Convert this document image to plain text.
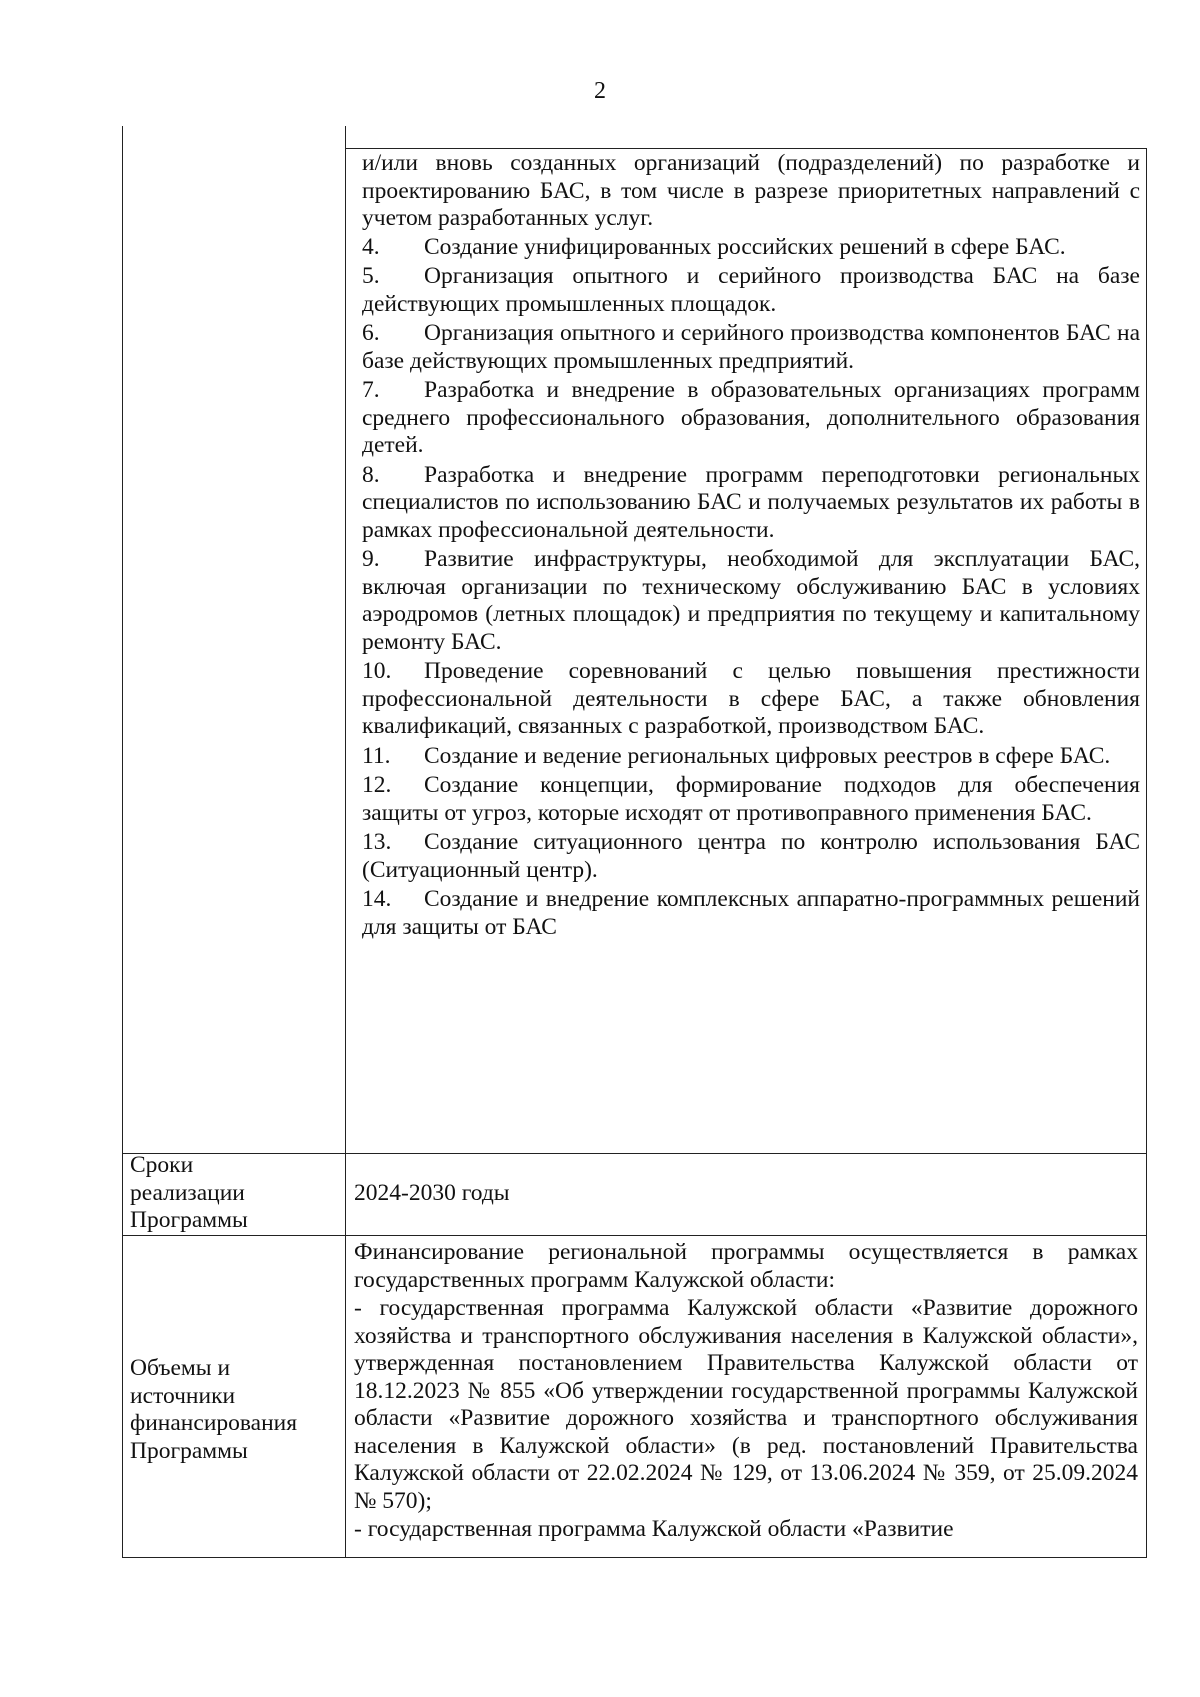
2
и/или вновь созданных организаций (подразделений) по разработке и проектированию БАС, в том числе в разрезе приоритетных направлений с учетом разработанных услуг.
4. Создание унифицированных российских решений в сфере БАС.
5. Организация опытного и серийного производства БАС на базе действующих промышленных площадок.
6. Организация опытного и серийного производства компонентов БАС на базе действующих промышленных предприятий.
7. Разработка и внедрение в образовательных организациях программ среднего профессионального образования, дополнительного образования детей.
8. Разработка и внедрение программ переподготовки региональных специалистов по использованию БАС и получаемых результатов их работы в рамках профессиональной деятельности.
9. Развитие инфраструктуры, необходимой для эксплуатации БАС, включая организации по техническому обслуживанию БАС в условиях аэродромов (летных площадок) и предприятия по текущему и капитальному ремонту БАС.
10. Проведение соревнований с целью повышения престижности профессиональной деятельности в сфере БАС, а также обновления квалификаций, связанных с разработкой, производством БАС.
11. Создание и ведение региональных цифровых реестров в сфере БАС.
12. Создание концепции, формирование подходов для обеспечения защиты от угроз, которые исходят от противоправного применения БАС.
13. Создание ситуационного центра по контролю использования БАС (Ситуационный центр).
14. Создание и внедрение комплексных аппаратно-программных решений для защиты от БАС
Сроки
реализации
Программы
2024-2030 годы
Объемы и
источники
финансирования
Программы
Финансирование региональной программы осуществляется в рамках государственных программ Калужской области:
- государственная программа Калужской области «Развитие дорожного хозяйства и транспортного обслуживания населения в Калужской области», утвержденная постановлением Правительства Калужской области от 18.12.2023 № 855 «Об утверждении государственной программы Калужской области «Развитие дорожного хозяйства и транспортного обслуживания населения в Калужской области» (в ред. постановлений Правительства Калужской области от 22.02.2024 № 129, от 13.06.2024 № 359, от 25.09.2024 № 570);
- государственная программа Калужской области «Развитие
